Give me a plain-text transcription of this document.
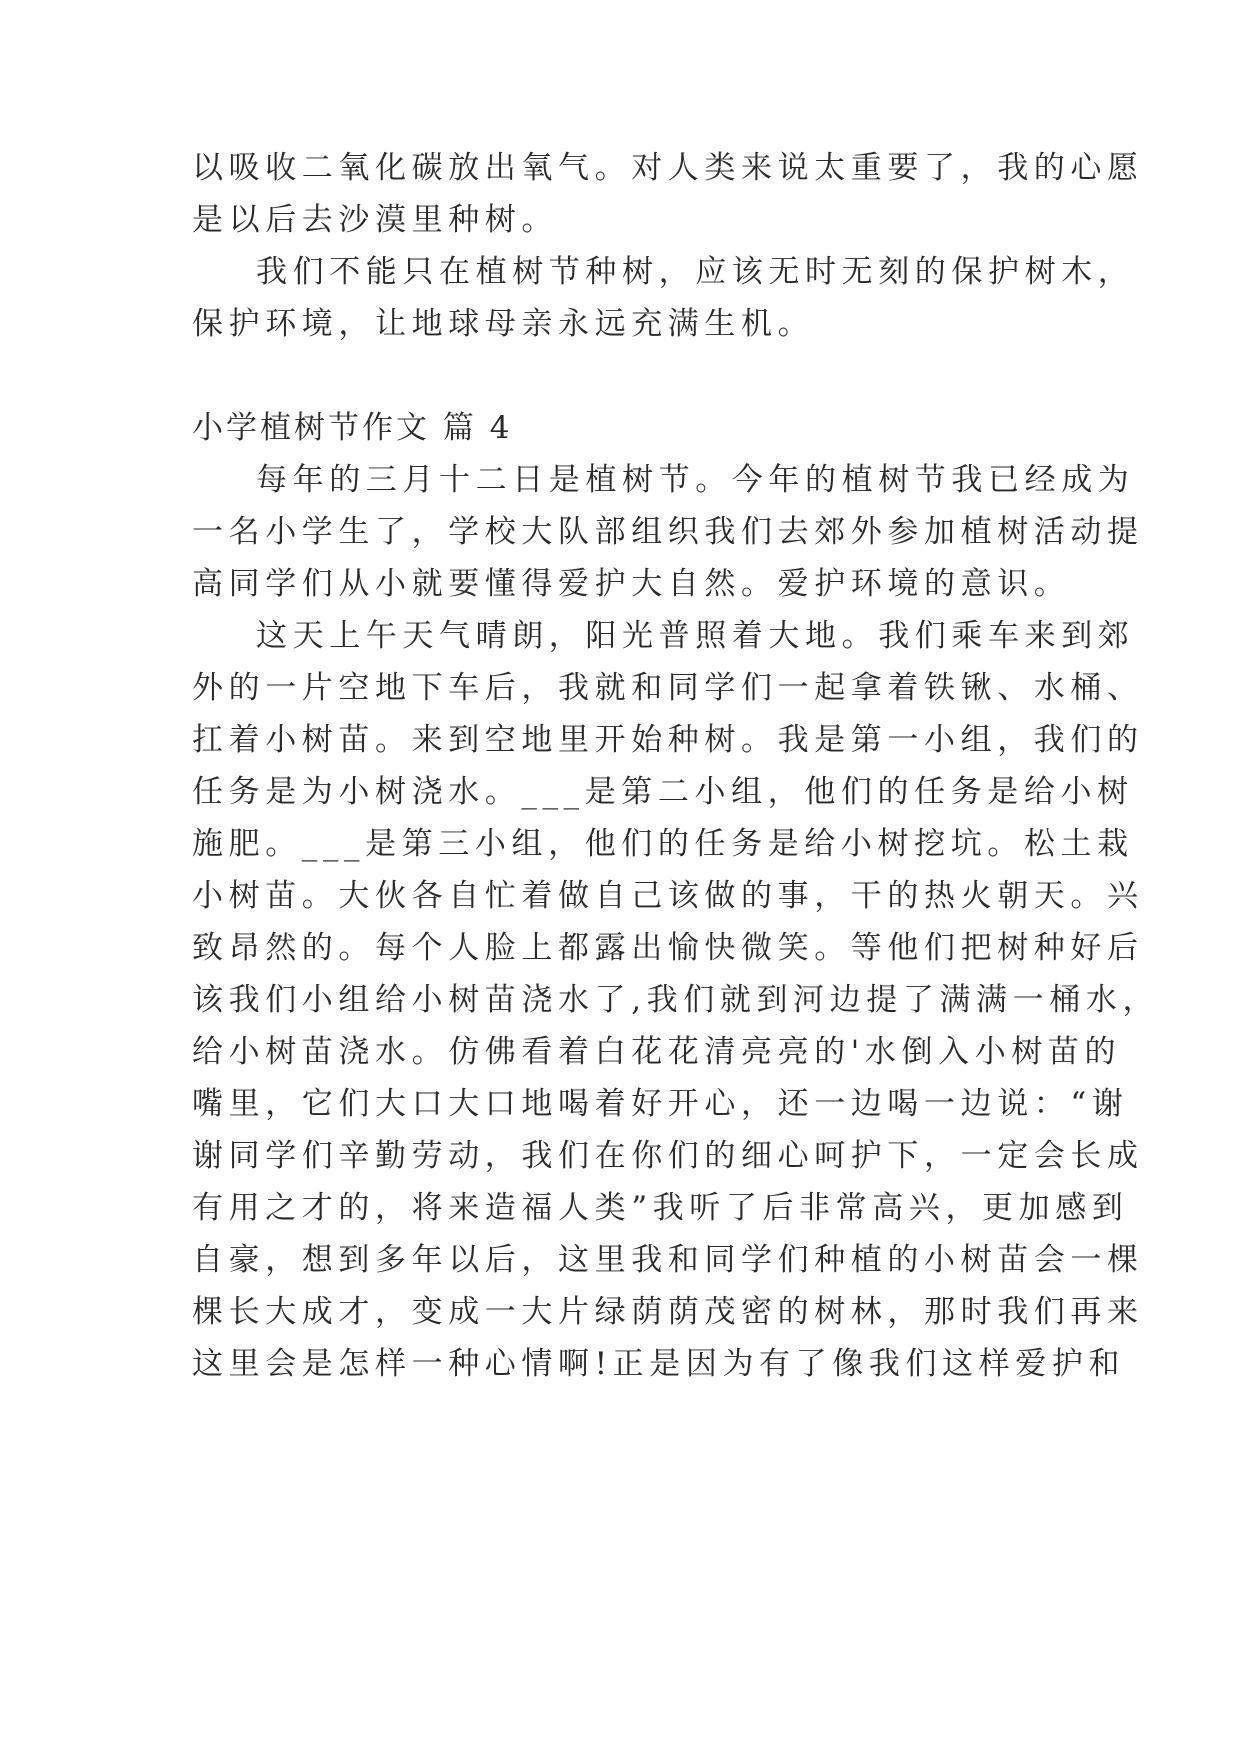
以吸收二氧化碳放出氧气。对人类来说太重要了，我的心愿
是以后去沙漠里种树。
我们不能只在植树节种树，应该无时无刻的保护树木，
保护环境，让地球母亲永远充满生机。
小学植树节作文 篇 4
每年的三月十二日是植树节。今年的植树节我已经成为
一名小学生了，学校大队部组织我们去郊外参加植树活动提
高同学们从小就要懂得爱护大自然。爱护环境的意识。
这天上午天气晴朗，阳光普照着大地。我们乘车来到郊
外的一片空地下车后，我就和同学们一起拿着铁锹、水桶、
扛着小树苗。来到空地里开始种树。我是第一小组，我们的
任务是为小树浇水。___是第二小组，他们的任务是给小树
施肥。___是第三小组，他们的任务是给小树挖坑。松土栽
小树苗。大伙各自忙着做自己该做的事，干的热火朝天。兴
致昂然的。每个人脸上都露出愉快微笑。等他们把树种好后
该我们小组给小树苗浇水了,我们就到河边提了满满一桶水，
给小树苗浇水。仿佛看着白花花清亮亮的'水倒入小树苗的
嘴里，它们大口大口地喝着好开心，还一边喝一边说：“谢
谢同学们辛勤劳动，我们在你们的细心呵护下，一定会长成
有用之才的，将来造福人类”我听了后非常高兴，更加感到
自豪，想到多年以后，这里我和同学们种植的小树苗会一棵
棵长大成才，变成一大片绿荫荫茂密的树林，那时我们再来
这里会是怎样一种心情啊!正是因为有了像我们这样爱护和
